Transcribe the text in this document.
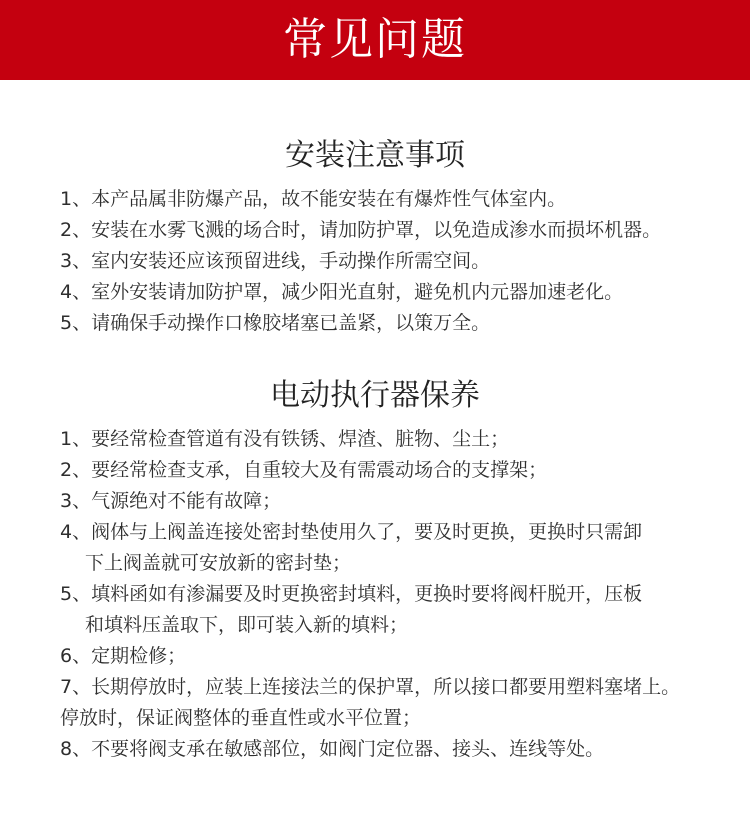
常见问题
安装注意事项

1、本产品属非防爆产品，故不能安装在有爆炸性气体室内。

2、安装在水雾飞溅的场合时，请加防护罩，以免造成渗水而损坏机器。

3、室内安装还应该预留进线，手动操作所需空间。

4、室外安装请加防护罩，减少阳光直射，避免机内元器加速老化。

5、请确保手动操作口橡胶堵塞已盖紧，以策万全。

电动执行器保养

1、要经常检查管道有没有铁锈、焊渣、脏物、尘土；

2、要经常检查支承，自重较大及有需震动场合的支撑架；

3、气源绝对不能有故障；

4、阀体与上阀盖连接处密封垫使用久了，要及时更换，更换时只需卸

下上阀盖就可安放新的密封垫；

5、填料函如有渗漏要及时更换密封填料，更换时要将阀杆脱开，压板

和填料压盖取下，即可装入新的填料；

6、定期检修；

7、长期停放时，应装上连接法兰的保护罩，所以接口都要用塑料塞堵上。

停放时，保证阀整体的垂直性或水平位置；

8、不要将阀支承在敏感部位，如阀门定位器、接头、连线等处。
